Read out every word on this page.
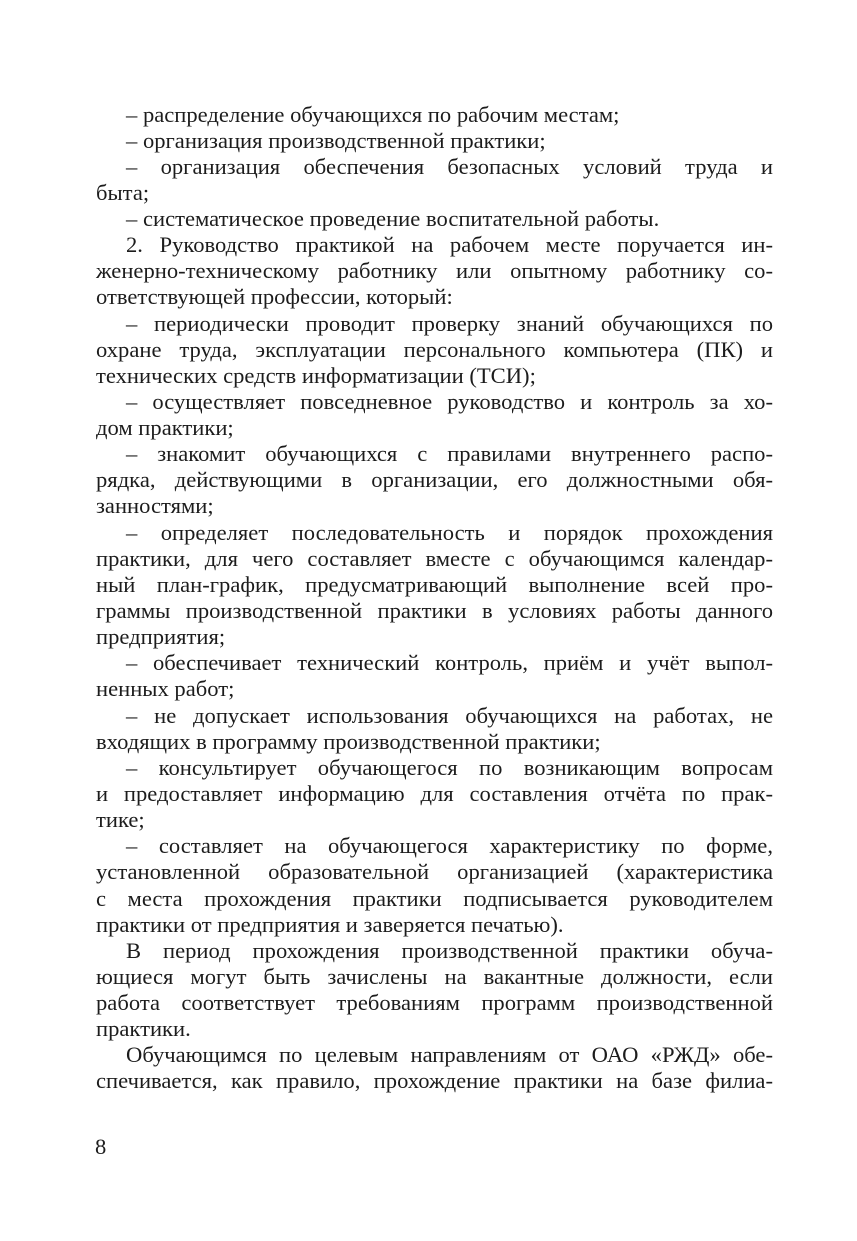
– распределение обучающихся по рабочим местам;
– организация производственной практики;
– организация обеспечения безопасных условий труда и
быта;
– систематическое проведение воспитательной работы.
2. Руководство практикой на рабочем месте поручается ин-
женерно-техническому работнику или опытному работнику со-
ответствующей профессии, который:
– периодически проводит проверку знаний обучающихся по
охране труда, эксплуатации персонального компьютера (ПК) и
технических средств информатизации (ТСИ);
– осуществляет повседневное руководство и контроль за хо-
дом практики;
– знакомит обучающихся с правилами внутреннего распо-
рядка, действующими в организации, его должностными обя-
занностями;
– определяет последовательность и порядок прохождения
практики, для чего составляет вместе с обучающимся календар-
ный план-график, предусматривающий выполнение всей про-
граммы производственной практики в условиях работы данного
предприятия;
– обеспечивает технический контроль, приём и учёт выпол-
ненных работ;
– не допускает использования обучающихся на работах, не
входящих в программу производственной практики;
– консультирует обучающегося по возникающим вопросам
и предоставляет информацию для составления отчёта по прак-
тике;
– составляет на обучающегося характеристику по форме,
установленной образовательной организацией (характеристика
с места прохождения практики подписывается руководителем
практики от предприятия и заверяется печатью).
В период прохождения производственной практики обуча-
ющиеся могут быть зачислены на вакантные должности, если
работа соответствует требованиям программ производственной
практики.
Обучающимся по целевым направлениям от ОАО «РЖД» обе-
спечивается, как правило, прохождение практики на базе филиа-
8
